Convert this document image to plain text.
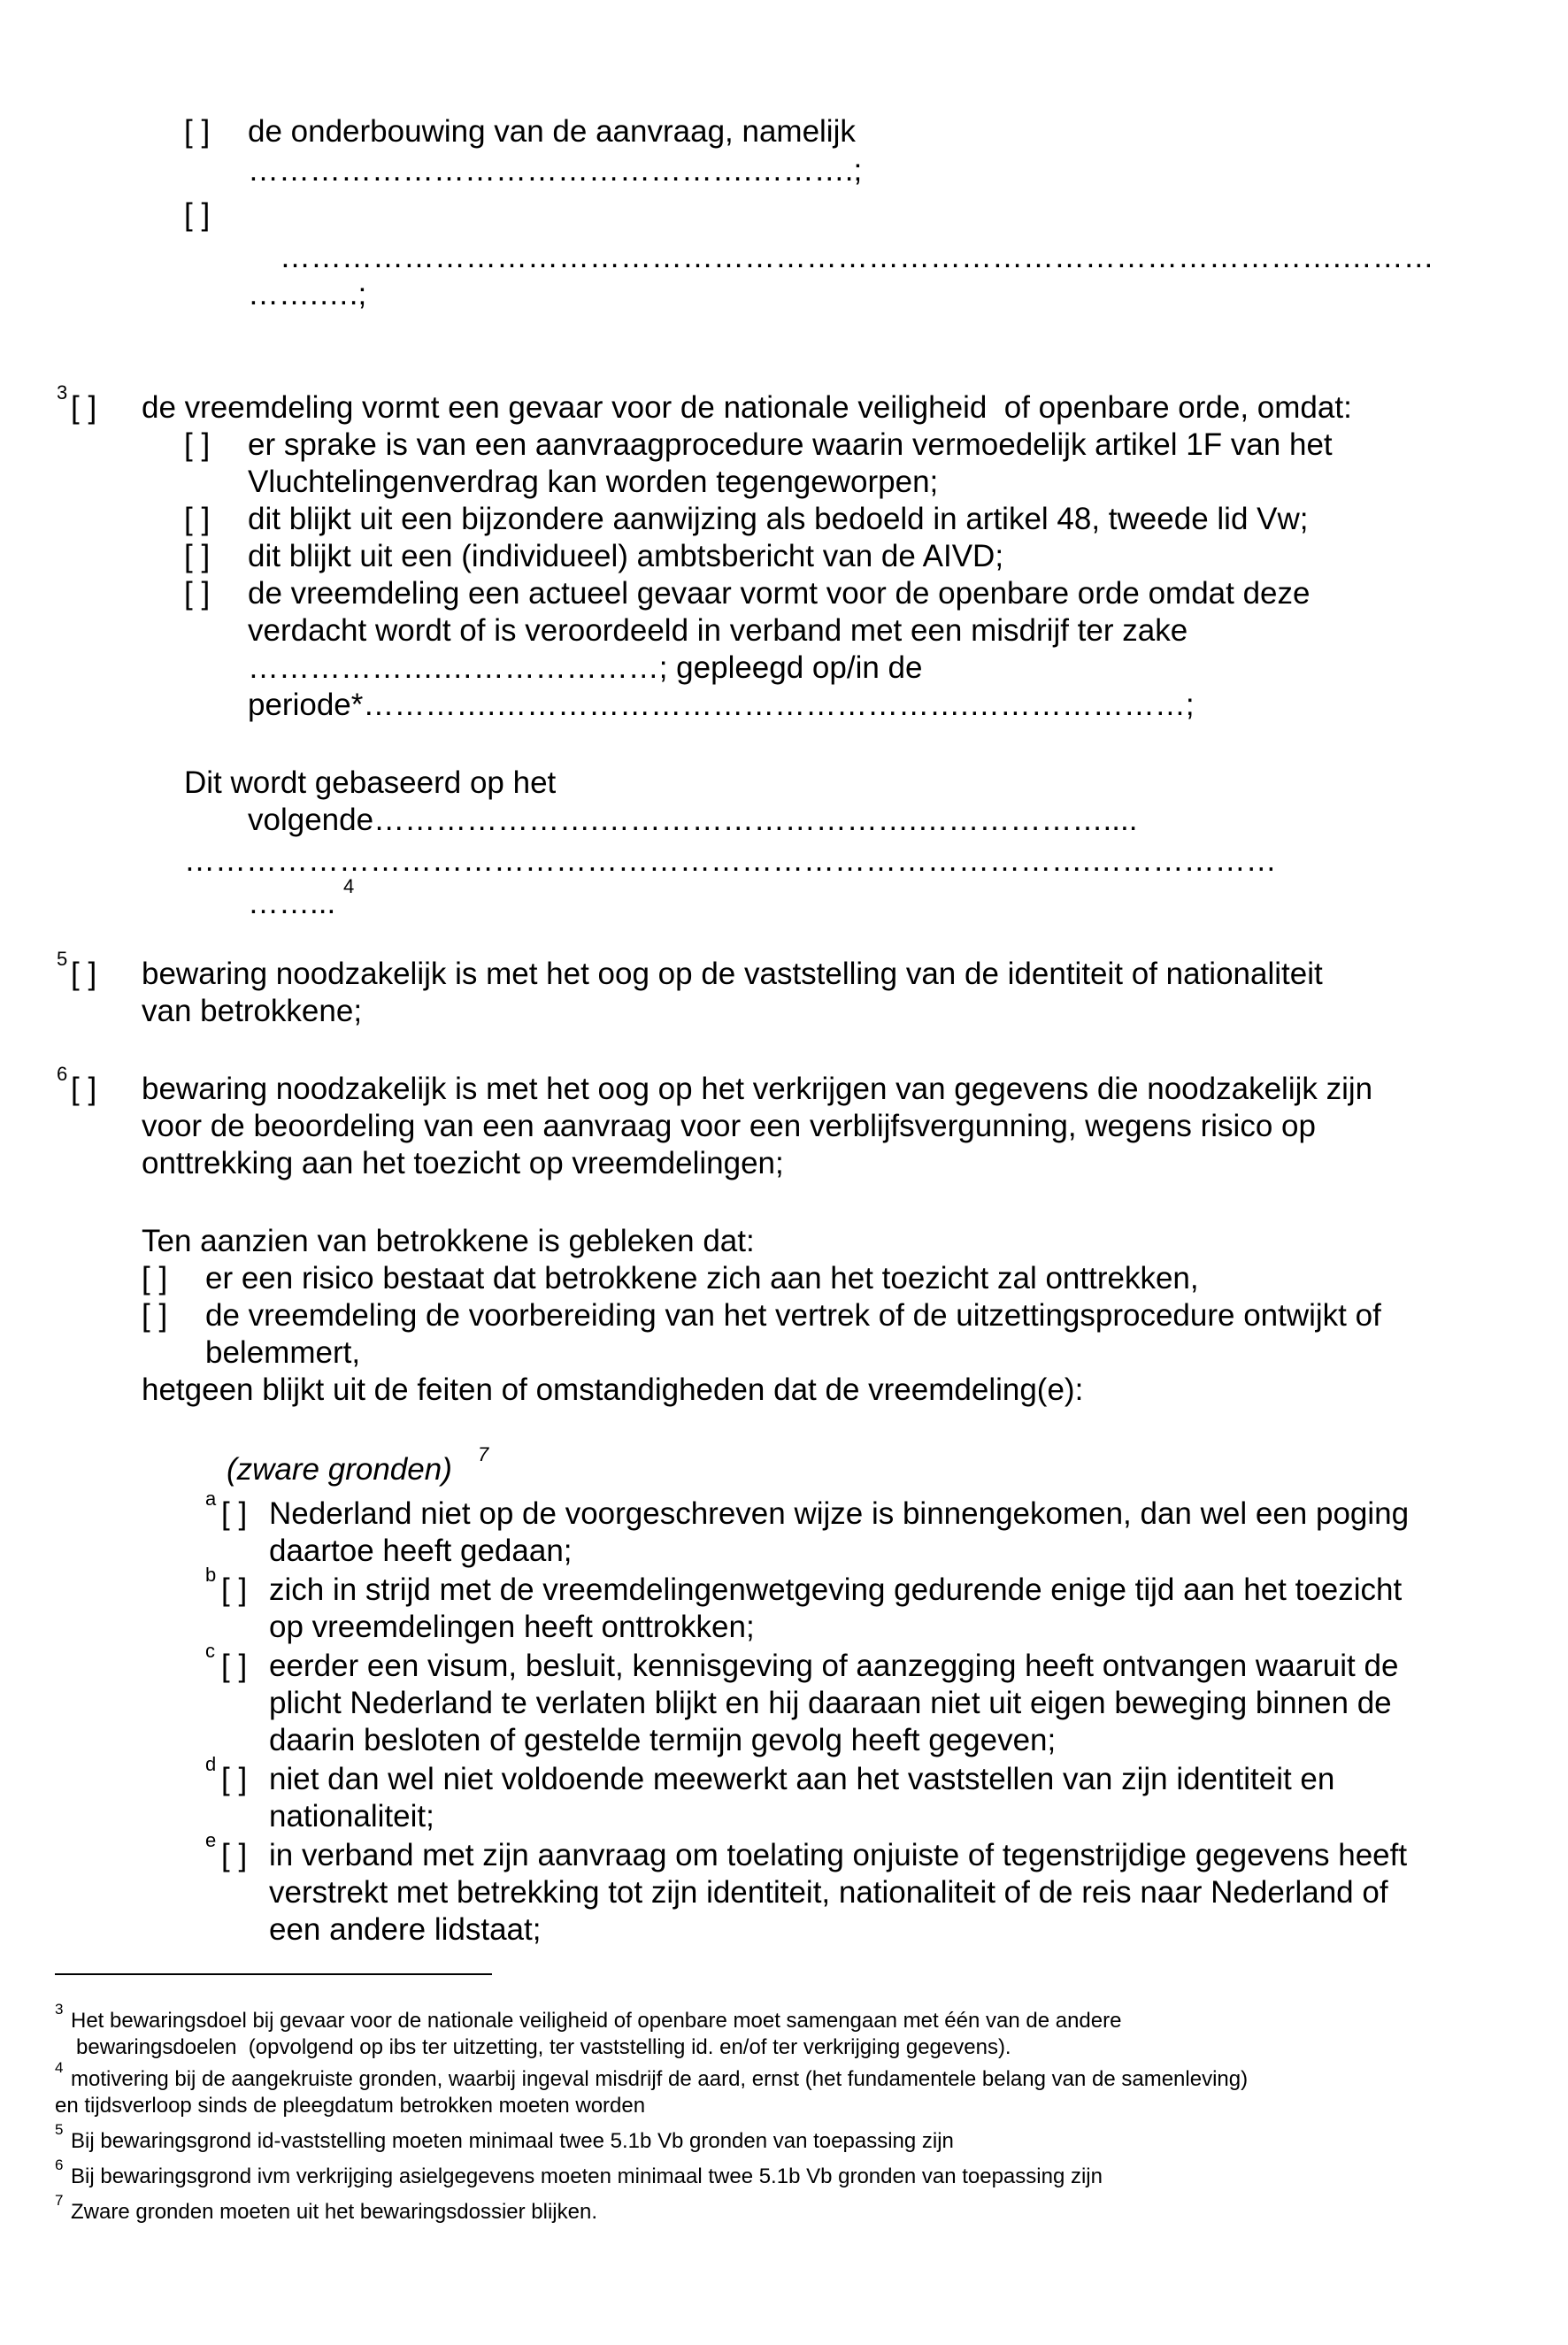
[ ] de onderbouwing van de aanvraag, namelijk
………………………………………….……….;
[ ]
………………………………………………………………………………………….………
…….….;
3 [ ] de vreemdeling vormt een gevaar voor de nationale veiligheid  of openbare orde, omdat:
[ ] er sprake is van een aanvraagprocedure waarin vermoedelijk artikel 1F van het
Vluchtelingenverdrag kan worden tegengeworpen;
[ ] dit blijkt uit een bijzondere aanwijzing als bedoeld in artikel 48, tweede lid Vw;
[ ] dit blijkt uit een (individueel) ambtsbericht van de AIVD;
[ ] de vreemdeling een actueel gevaar vormt voor de openbare orde omdat deze
verdacht wordt of is veroordeeld in verband met een misdrijf ter zake
……………….…………………; gepleegd op/in de
periode*………….……………………………………….…………………;
Dit wordt gebaseerd op het
volgende………………….………………………….………………....
…………………………………………………………………………….………………
……... 4
5 [ ] bewaring noodzakelijk is met het oog op de vaststelling van de identiteit of nationaliteit
van betrokkene;
6 [ ] bewaring noodzakelijk is met het oog op het verkrijgen van gegevens die noodzakelijk zijn
voor de beoordeling van een aanvraag voor een verblijfsvergunning, wegens risico op
onttrekking aan het toezicht op vreemdelingen;
Ten aanzien van betrokkene is gebleken dat:
[ ] er een risico bestaat dat betrokkene zich aan het toezicht zal onttrekken,
[ ] de vreemdeling de voorbereiding van het vertrek of de uitzettingsprocedure ontwijkt of
belemmert,
hetgeen blijkt uit de feiten of omstandigheden dat de vreemdeling(e):
(zware gronden) 7
a [ ] Nederland niet op de voorgeschreven wijze is binnengekomen, dan wel een poging
daartoe heeft gedaan;
b [ ] zich in strijd met de vreemdelingenwetgeving gedurende enige tijd aan het toezicht
op vreemdelingen heeft onttrokken;
c [ ] eerder een visum, besluit, kennisgeving of aanzegging heeft ontvangen waaruit de
plicht Nederland te verlaten blijkt en hij daaraan niet uit eigen beweging binnen de
daarin besloten of gestelde termijn gevolg heeft gegeven;
d [ ] niet dan wel niet voldoende meewerkt aan het vaststellen van zijn identiteit en
nationaliteit;
e [ ] in verband met zijn aanvraag om toelating onjuiste of tegenstrijdige gegevens heeft
verstrekt met betrekking tot zijn identiteit, nationaliteit of de reis naar Nederland of
een andere lidstaat;
3 Het bewaringsdoel bij gevaar voor de nationale veiligheid of openbare moet samengaan met één van de andere
bewaringsdoelen  (opvolgend op ibs ter uitzetting, ter vaststelling id. en/of ter verkrijging gegevens).
4 motivering bij de aangekruiste gronden, waarbij ingeval misdrijf de aard, ernst (het fundamentele belang van de samenleving)
en tijdsverloop sinds de pleegdatum betrokken moeten worden
5 Bij bewaringsgrond id-vaststelling moeten minimaal twee 5.1b Vb gronden van toepassing zijn
6 Bij bewaringsgrond ivm verkrijging asielgegevens moeten minimaal twee 5.1b Vb gronden van toepassing zijn
7 Zware gronden moeten uit het bewaringsdossier blijken.
